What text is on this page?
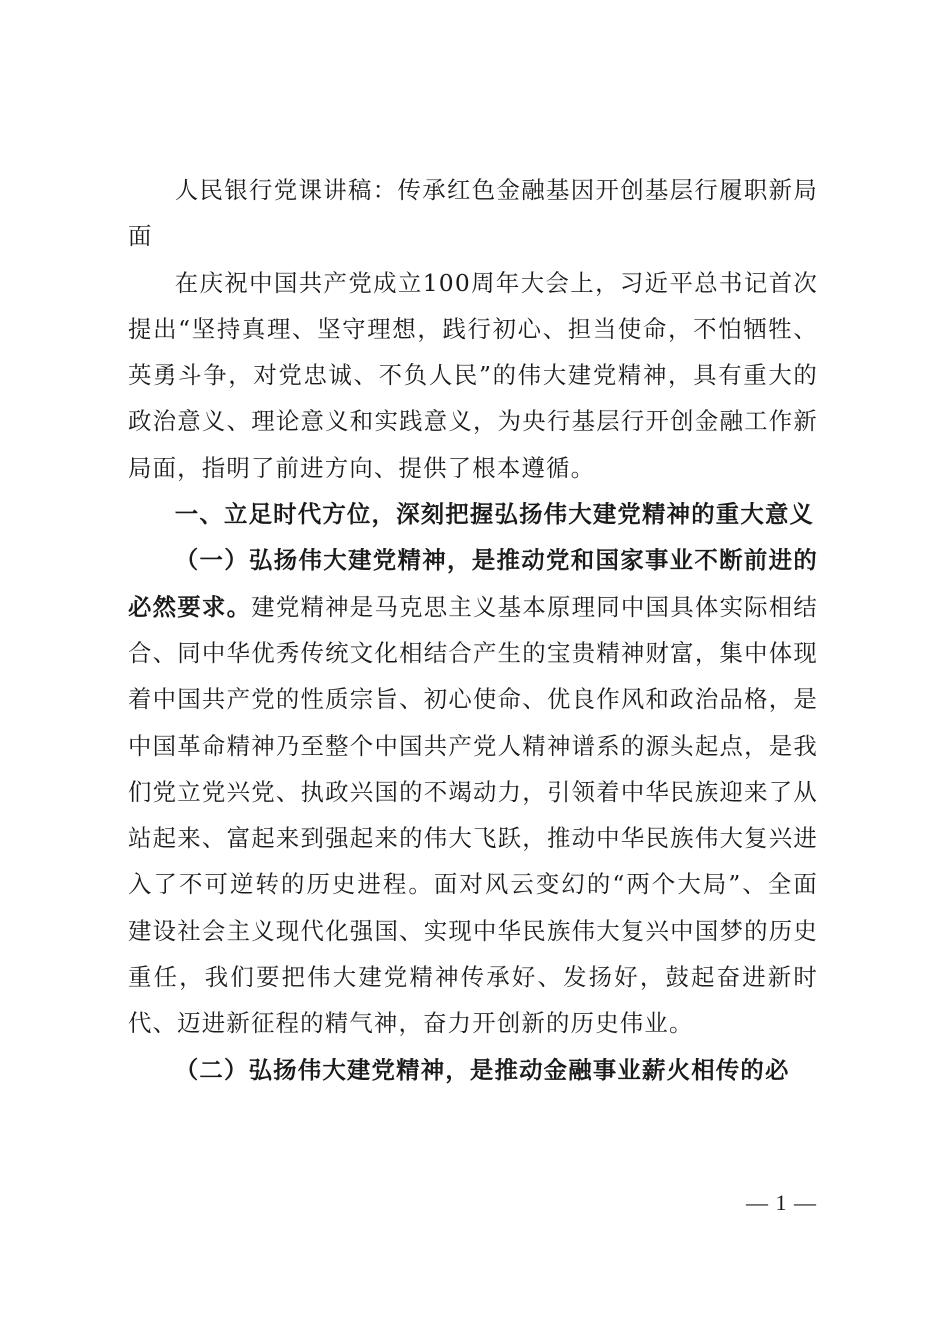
人民银行党课讲稿：传承红色金融基因开创基层行履职新局面

在庆祝中国共产党成立100周年大会上，习近平总书记首次提出“坚持真理、坚守理想，践行初心、担当使命，不怕牺牲、英勇斗争，对党忠诚、不负人民”的伟大建党精神，具有重大的政治意义、理论意义和实践意义，为央行基层行开创金融工作新局面，指明了前进方向、提供了根本遵循。

一、立足时代方位，深刻把握弘扬伟大建党精神的重大意义

（一）弘扬伟大建党精神，是推动党和国家事业不断前进的必然要求。建党精神是马克思主义基本原理同中国具体实际相结合、同中华优秀传统文化相结合产生的宝贵精神财富，集中体现着中国共产党的性质宗旨、初心使命、优良作风和政治品格，是中国革命精神乃至整个中国共产党人精神谱系的源头起点，是我们党立党兴党、执政兴国的不竭动力，引领着中华民族迎来了从站起来、富起来到强起来的伟大飞跃，推动中华民族伟大复兴进入了不可逆转的历史进程。面对风云变幻的“两个大局”、全面建设社会主义现代化强国、实现中华民族伟大复兴中国梦的历史重任，我们要把伟大建党精神传承好、发扬好，鼓起奋进新时代、迈进新征程的精气神，奋力开创新的历史伟业。

（二）弘扬伟大建党精神，是推动金融事业薪火相传的必

— 1 —
